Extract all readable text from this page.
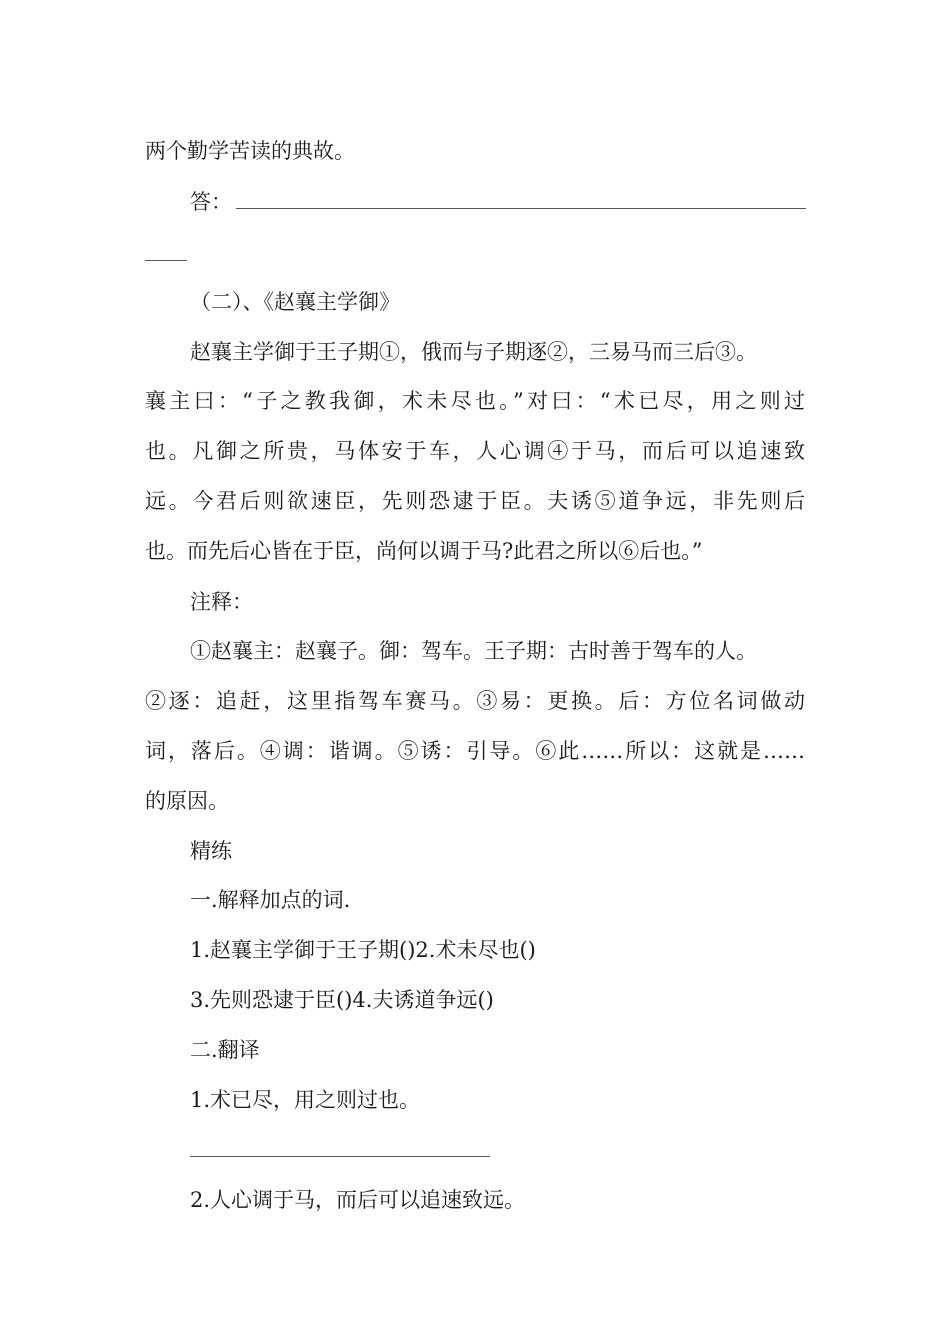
两个勤学苦读的典故。
答：
（二）、《赵襄主学御》
赵襄主学御于王子期①，俄而与子期逐②，三易马而三后③。
襄主曰：“子之教我御，术未尽也。”对曰：“术已尽，用之则过
也。凡御之所贵，马体安于车，人心调④于马，而后可以追速致
远。今君后则欲速臣，先则恐逮于臣。夫诱⑤道争远，非先则后
也。而先后心皆在于臣，尚何以调于马?此君之所以⑥后也。”
注释：
①赵襄主：赵襄子。御：驾车。王子期：古时善于驾车的人。
②逐：追赶，这里指驾车赛马。③易：更换。后：方位名词做动
词，落后。④调：谐调。⑤诱：引导。⑥此……所以：这就是……
的原因。
精练
一.解释加点的词.
1.赵襄主学御于王子期()2.术未尽也()
3.先则恐逮于臣()4.夫诱道争远()
二.翻译
1.术已尽，用之则过也。
2.人心调于马，而后可以追速致远。
